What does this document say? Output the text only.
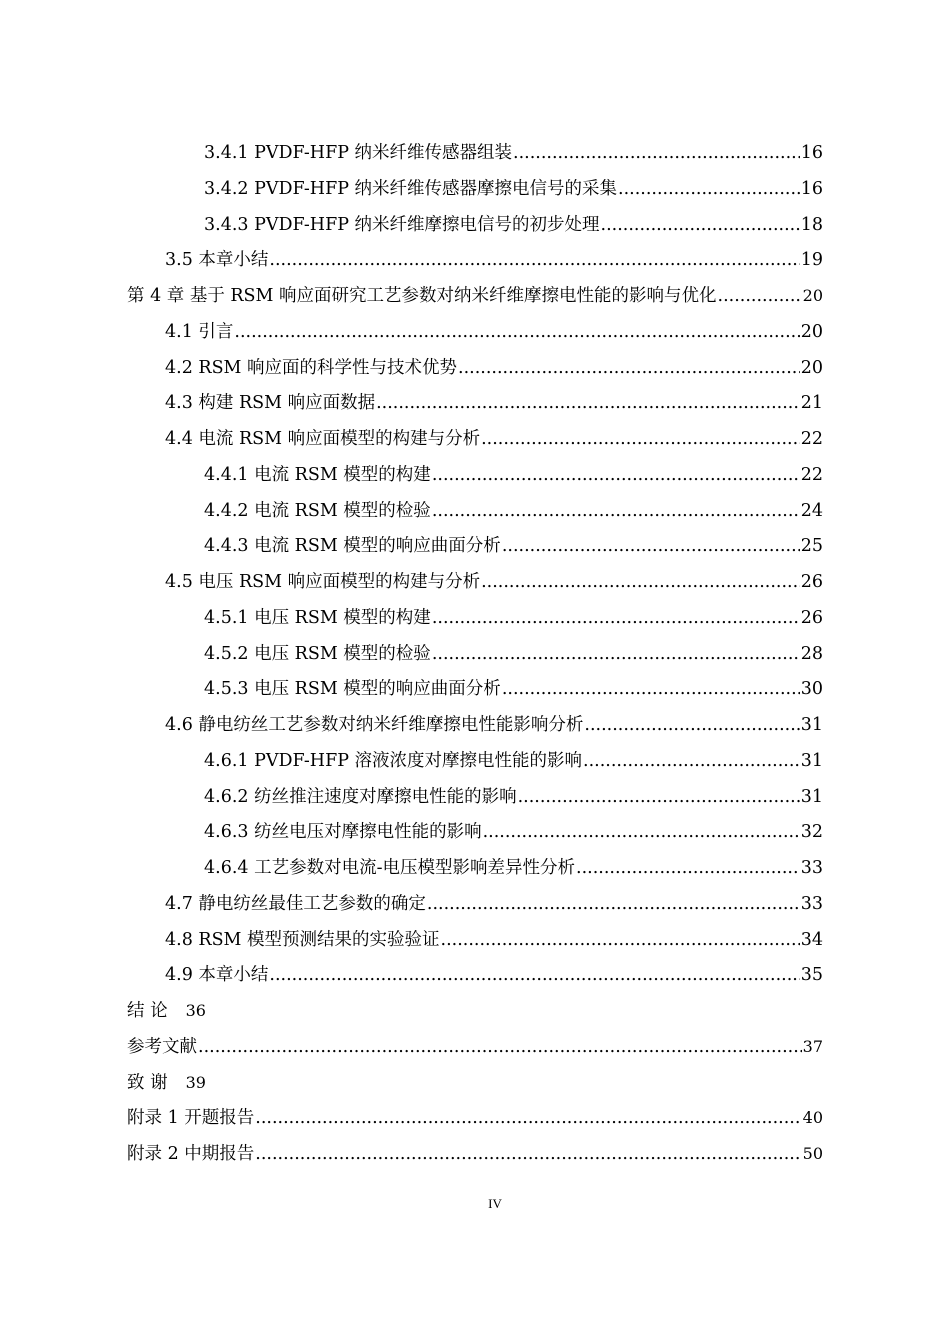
3.4.1 PVDF-HFP 纳米纤维传感器组装 .....	16
3.4.2 PVDF-HFP 纳米纤维传感器摩擦电信号的采集 .....	16
3.4.3 PVDF-HFP 纳米纤维摩擦电信号的初步处理 .....	18
3.5 本章小结 .....	19
第 4 章 基于 RSM 响应面研究工艺参数对纳米纤维摩擦电性能的影响与优化 .....	20
4.1 引言 .....	20
4.2 RSM 响应面的科学性与技术优势 .....	20
4.3 构建 RSM 响应面数据 .....	21
4.4 电流 RSM 响应面模型的构建与分析 .....	22
4.4.1 电流 RSM 模型的构建 .....	22
4.4.2 电流 RSM 模型的检验 .....	24
4.4.3 电流 RSM 模型的响应曲面分析 .....	25
4.5 电压 RSM 响应面模型的构建与分析 .....	26
4.5.1 电压 RSM 模型的构建 .....	26
4.5.2 电压 RSM 模型的检验 .....	28
4.5.3 电压 RSM 模型的响应曲面分析 .....	30
4.6 静电纺丝工艺参数对纳米纤维摩擦电性能影响分析 .....	31
4.6.1 PVDF-HFP 溶液浓度对摩擦电性能的影响 .....	31
4.6.2 纺丝推注速度对摩擦电性能的影响 .....	31
4.6.3 纺丝电压对摩擦电性能的影响 .....	32
4.6.4 工艺参数对电流-电压模型影响差异性分析 .....	33
4.7 静电纺丝最佳工艺参数的确定 .....	33
4.8 RSM 模型预测结果的实验验证 .....	34
4.9 本章小结 .....	35
结 论 36
参考文献 .....	37
致 谢 39
附录 1 开题报告 .....	40
附录 2 中期报告 .....	50
IV
